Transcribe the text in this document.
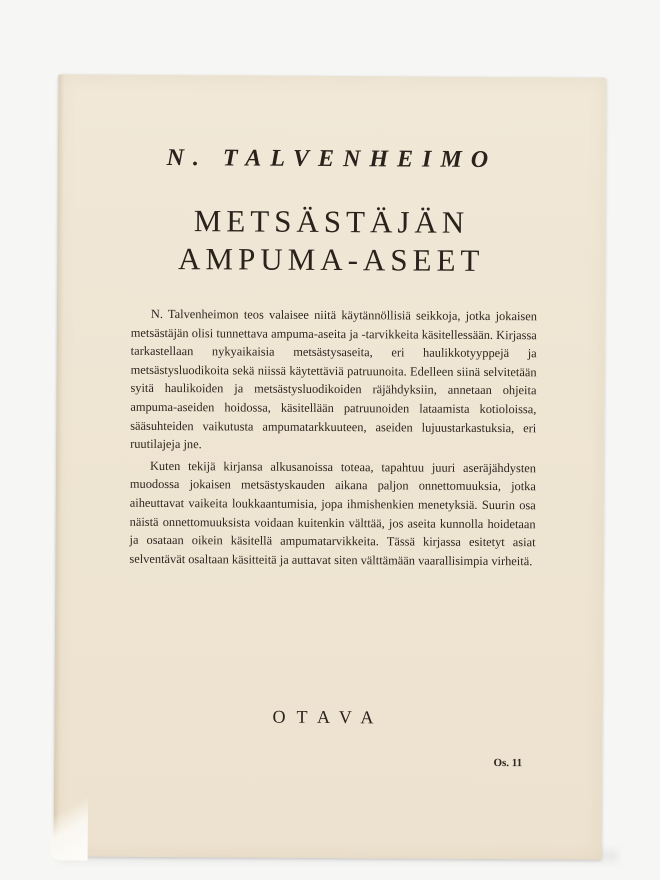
N. TALVENHEIMO
METSÄSTÄJÄN
AMPUMA-ASEET

N. Talvenheimon teos valaisee niitä käytännöllisiä seikkoja, jotka jokaisen metsästäjän olisi tunnettava ampuma-aseita ja -tarvikkeita käsitellessään. Kirjassa tarkastellaan nykyaikaisia metsästysaseita, eri haulikkotyyppejä ja metsästysluodikoita sekä niissä käytettäviä patruunoita. Edelleen siinä selvitetään syitä haulikoiden ja metsästysluodikoiden räjähdyksiin, annetaan ohjeita ampuma-aseiden hoidossa, käsitellään patruunoiden lataamista kotioloissa, sääsuhteiden vaikutusta ampumatarkkuuteen, aseiden lujuustarkastuksia, eri ruutilajeja jne.

Kuten tekijä kirjansa alkusanoissa toteaa, tapahtuu juuri aseräjähdysten muodossa jokaisen metsästyskauden aikana paljon onnettomuuksia, jotka aiheuttavat vaikeita loukkaantumisia, jopa ihmishenkien menetyksiä. Suurin osa näistä onnettomuuksista voidaan kuitenkin välttää, jos aseita kunnolla hoidetaan ja osataan oikein käsitellä ampumatarvikkeita. Tässä kirjassa esitetyt asiat selventävät osaltaan käsitteitä ja auttavat siten välttämään vaarallisimpia virheitä.

OTAVA
Os. 11
